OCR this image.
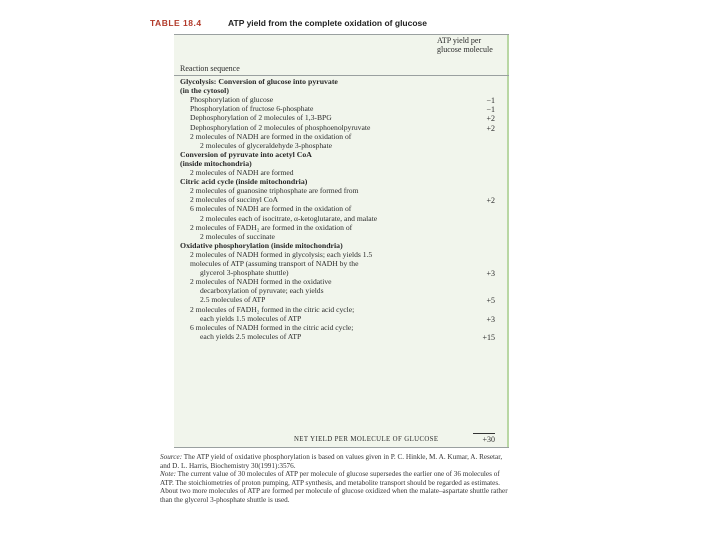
TABLE 18.4	ATP yield from the complete oxidation of glucose
ATP yield per glucose molecule
Reaction sequence
Glycolysis: Conversion of glucose into pyruvate
(in the cytosol)
Phosphorylation of glucose	−1
Phosphorylation of fructose 6-phosphate	−1
Dephosphorylation of 2 molecules of 1,3-BPG	+2
Dephosphorylation of 2 molecules of phosphoenolpyruvate	+2
2 molecules of NADH are formed in the oxidation of
2 molecules of glyceraldehyde 3-phosphate
Conversion of pyruvate into acetyl CoA
(inside mitochondria)
2 molecules of NADH are formed
Citric acid cycle (inside mitochondria)
2 molecules of guanosine triphosphate are formed from
2 molecules of succinyl CoA	+2
6 molecules of NADH are formed in the oxidation of
2 molecules each of isocitrate, α-ketoglutarate, and malate
2 molecules of FADH₂ are formed in the oxidation of
2 molecules of succinate
Oxidative phosphorylation (inside mitochondria)
2 molecules of NADH formed in glycolysis; each yields 1.5
molecules of ATP (assuming transport of NADH by the
glycerol 3-phosphate shuttle)	+3
2 molecules of NADH formed in the oxidative
decarboxylation of pyruvate; each yields
2.5 molecules of ATP	+5
2 molecules of FADH₂ formed in the citric acid cycle;
each yields 1.5 molecules of ATP	+3
6 molecules of NADH formed in the citric acid cycle;
each yields 2.5 molecules of ATP	+15
NET YIELD PER MOLECULE OF GLUCOSE	+30

Source: The ATP yield of oxidative phosphorylation is based on values given in P. C. Hinkle, M. A. Kumar, A. Resetar, and D. L. Harris, Biochemistry 30(1991):3576.

Note: The current value of 30 molecules of ATP per molecule of glucose supersedes the earlier one of 36 molecules of ATP. The stoichiometries of proton pumping, ATP synthesis, and metabolite transport should be regarded as estimates. About two more molecules of ATP are formed per molecule of glucose oxidized when the malate–aspartate shuttle rather than the glycerol 3-phosphate shuttle is used.
